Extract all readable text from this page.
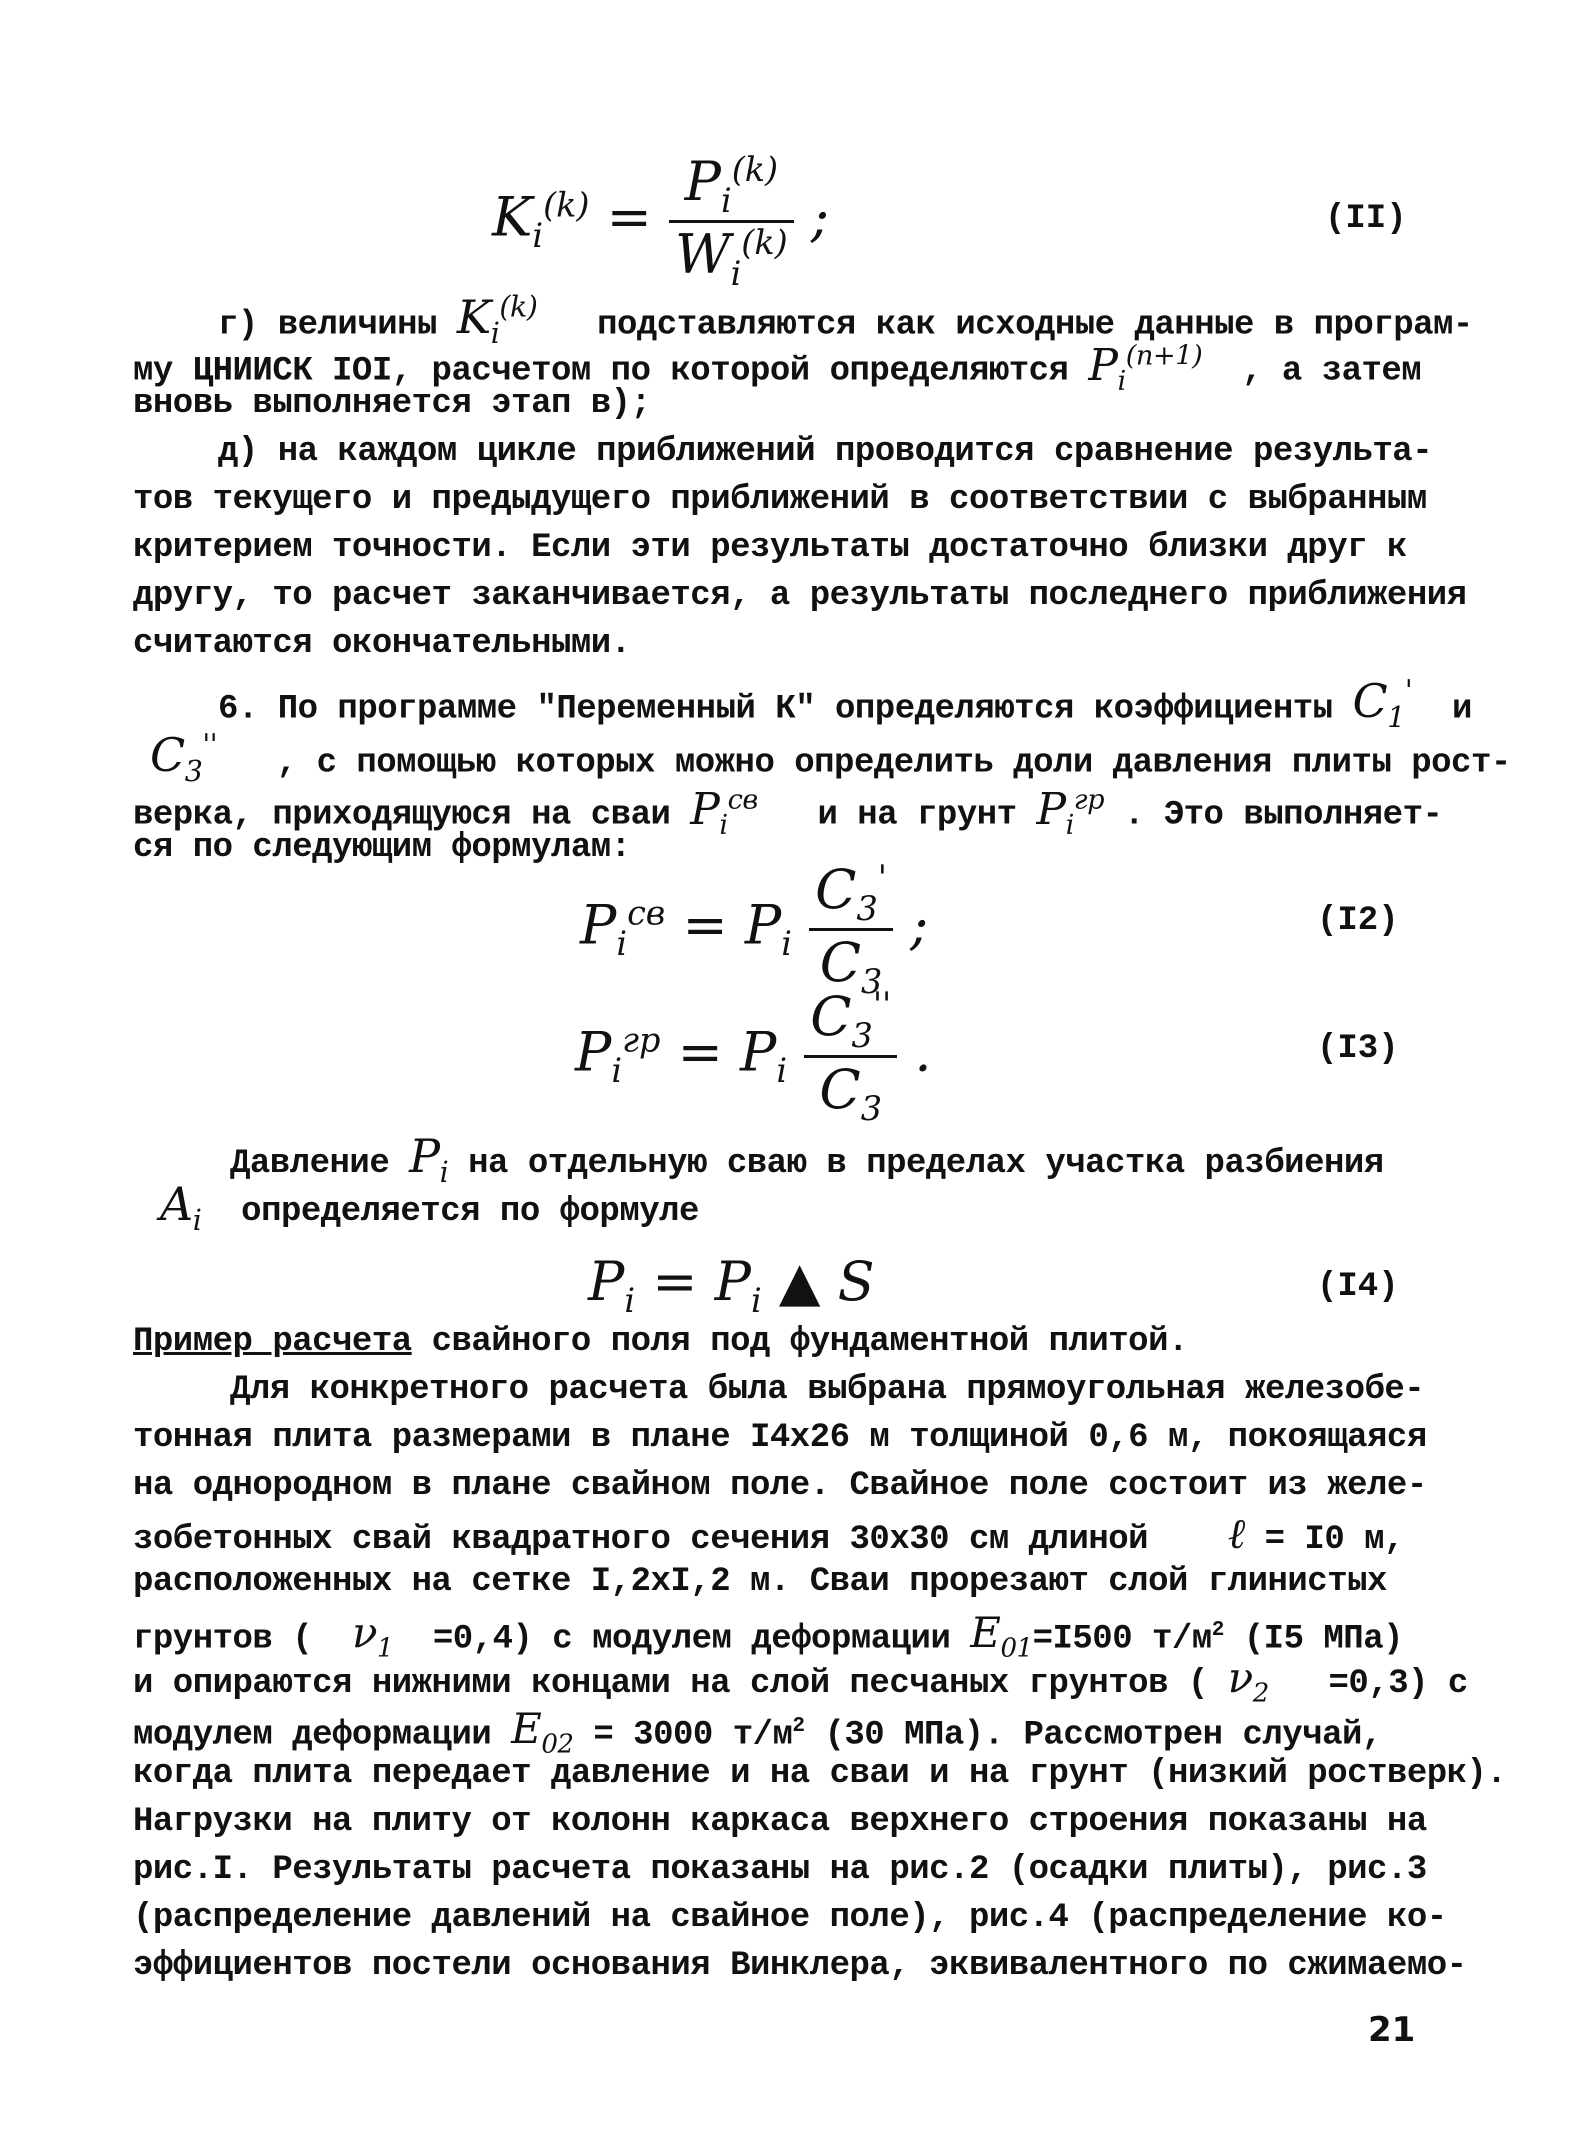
$K_i^{(k)} = \frac{P_i^{(k)}}{W_i^{(k)}}$ ;	(II)
г) величины $K_i^{(k)}$ подставляются как исходные данные в програм-
му ЦНИИСК IOI, расчетом по которой определяются $P_i^{(n+1)}$ , а затем
вновь выполняется этап в);
д) на каждом цикле приближений проводится сравнение результа-
тов текущего и предыдущего приближений в соответствии с выбранным
критерием точности. Если эти результаты достаточно близки друг к
другу, то расчет заканчивается, а результаты последнего приближения
считаются окончательными.
6. По программе "Переменный К" определяются коэффициенты $C_1'$ и
$C_3''$ , с помощью которых можно определить доли давления плиты рост-
верка, приходящуюся на сваи $P_i^{св}$ и на грунт $P_i^{гр}$ . Это выполняет-
ся по следующим формулам:
$P_i^{св} = P_i \frac{C_3'}{C_3}$ ;	(I2)
$P_i^{гр} = P_i \frac{C_3''}{C_3}$ .	(I3)
Давление $P_i$ на отдельную сваю в пределах участка разбиения
$A_i$ определяется по формуле
$P_i = P_i$ ▲ S	(I4)
Пример расчета свайного поля под фундаментной плитой.
Для конкретного расчета была выбрана прямоугольная железобе-
тонная плита размерами в плане I4x26 м толщиной 0,6 м, покоящаяся
на однородном в плане свайном поле. Свайное поле состоит из желе-
зобетонных свай квадратного сечения 30x30 см длиной ℓ = I0 м,
расположенных на сетке I,2xI,2 м. Сваи прорезают слой глинистых
грунтов ( $\nu_1 =0,4$) с модулем деформации $E_{01}=I500$ $т/м^2$ (I5 МПа)
и опираются нижними концами на слой песчаных грунтов ( $\nu_2 =0,3$) с
модулем деформации $E_{02} = 3000$ $т/м^2$ (30 МПа). Рассмотрен случай,
когда плита передает давление и на сваи и на грунт (низкий ростверк).
Нагрузки на плиту от колонн каркаса верхнего строения показаны на
рис.I. Результаты расчета показаны на рис.2 (осадки плиты), рис.3
(распределение давлений на свайное поле), рис.4 (распределение ко-
эффициентов постели основания Винклера, эквивалентного по сжимаемо-
21
